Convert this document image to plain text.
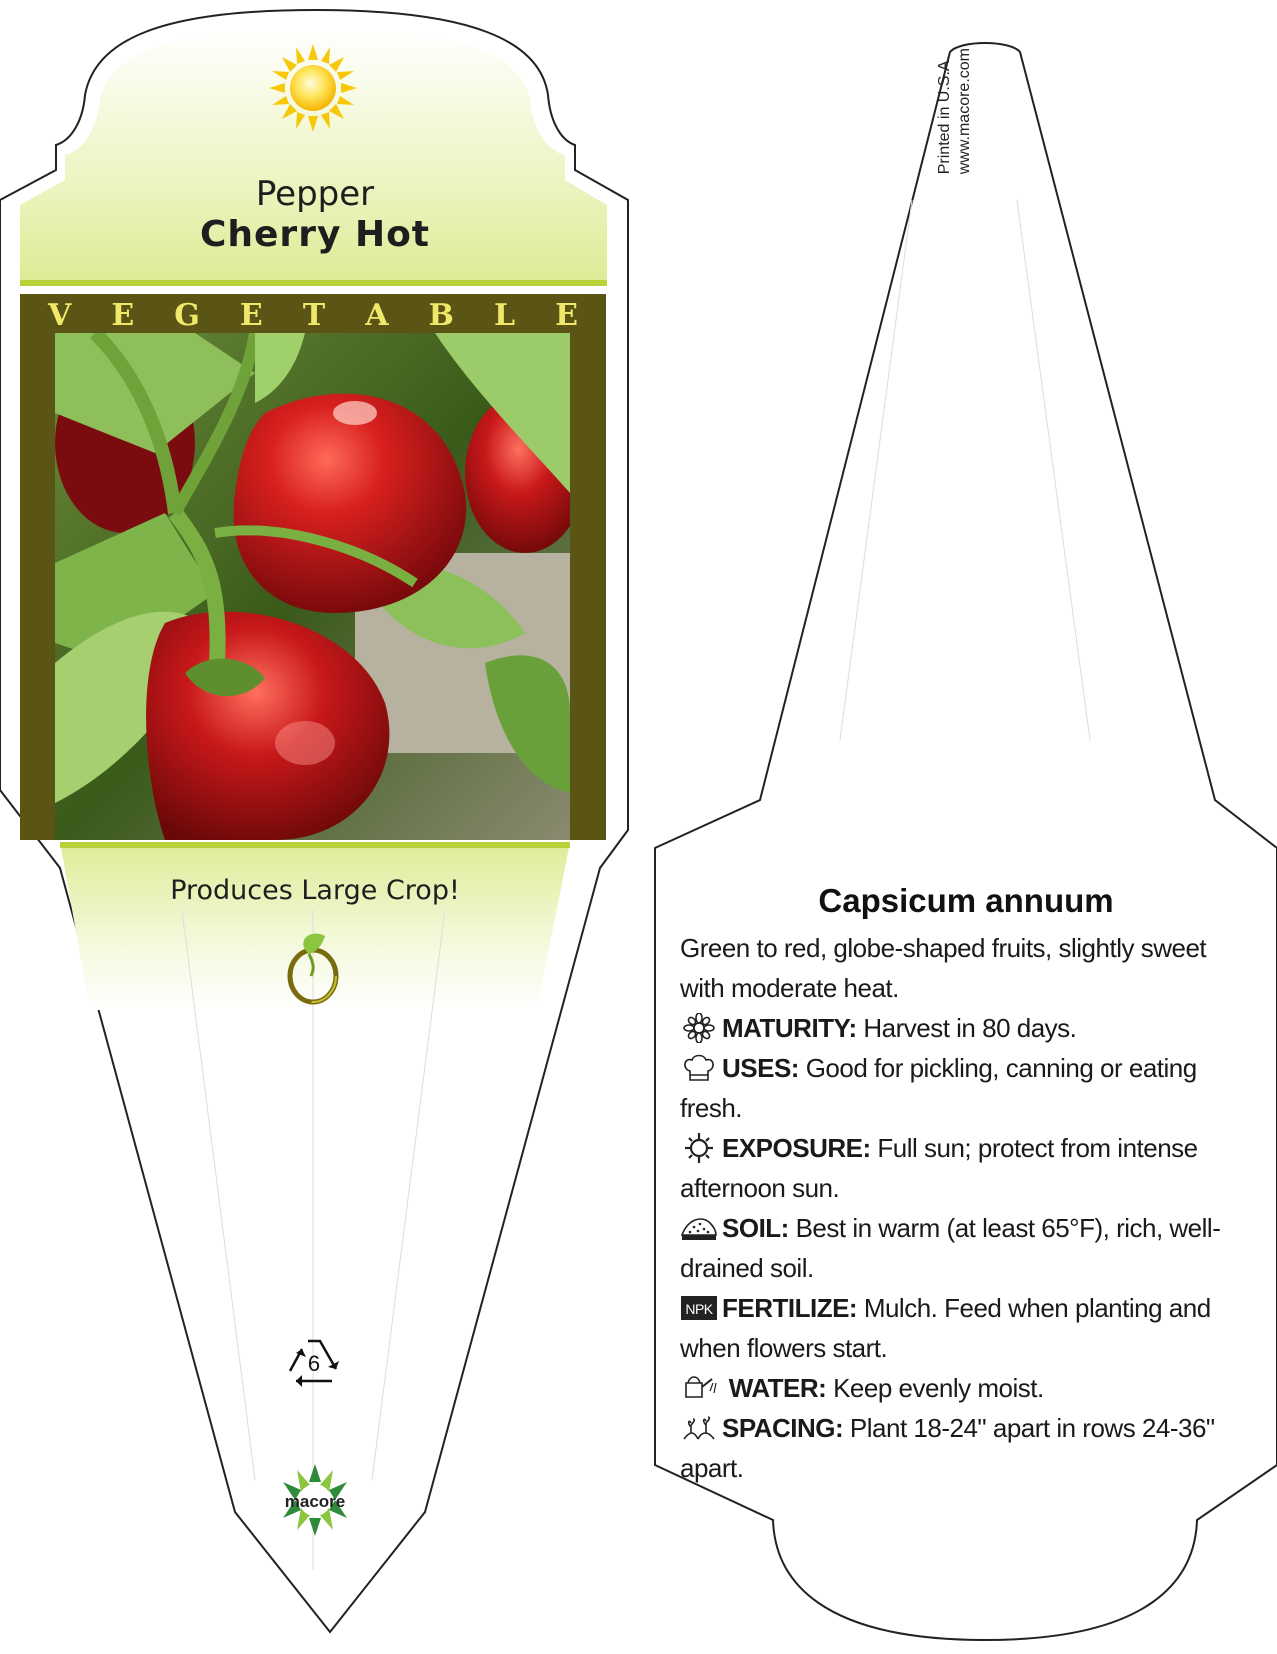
Pepper
Cherry Hot
V E G E T A B L E
Produces Large Crop!
6
macore
Printed in U.S.A. www.macore.com
Capsicum annuum

Green to red, globe-shaped fruits, slightly sweet with moderate heat.

MATURITY: Harvest in 80 days.

USES: Good for pickling, canning or eating fresh.

EXPOSURE: Full sun; protect from intense afternoon sun.

SOIL: Best in warm (at least 65°F), rich, well-drained soil.

NPK FERTILIZE: Mulch. Feed when planting and when flowers start.

WATER: Keep evenly moist.

SPACING: Plant 18-24" apart in rows 24-36" apart.
